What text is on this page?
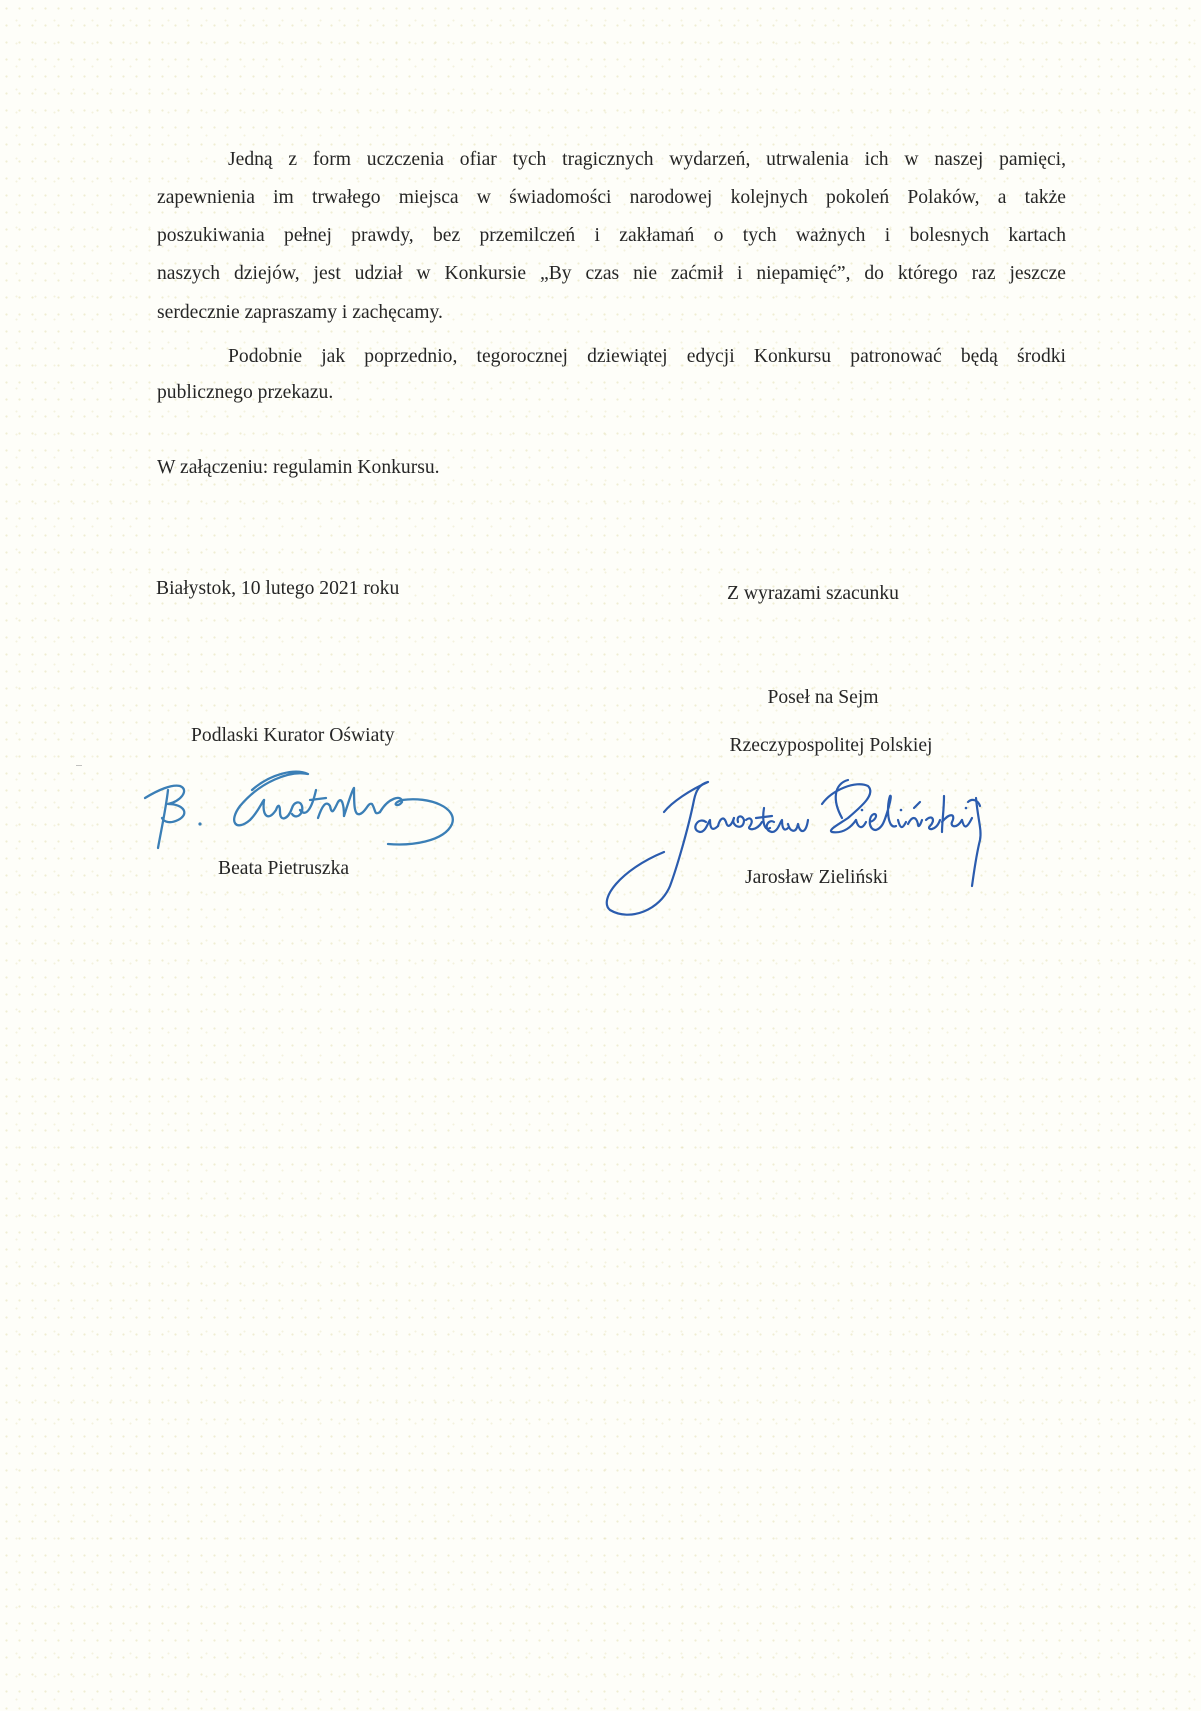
Jedną z form uczczenia ofiar tych tragicznych wydarzeń, utrwalenia ich w naszej pamięci,
zapewnienia im trwałego miejsca w świadomości narodowej kolejnych pokoleń Polaków, a także
poszukiwania pełnej prawdy, bez przemilczeń i zakłamań o tych ważnych i bolesnych kartach
naszych dziejów, jest udział w Konkursie „By czas nie zaćmił i niepamięć”, do którego raz jeszcze
serdecznie zapraszamy i zachęcamy.
Podobnie jak poprzednio, tegorocznej dziewiątej edycji Konkursu patronować będą środki
publicznego przekazu.
W załączeniu: regulamin Konkursu.
Białystok, 10 lutego 2021 roku	Z wyrazami szacunku
Poseł na Sejm
Rzeczypospolitej Polskiej
Podlaski Kurator Oświaty
Beata Pietruszka	Jarosław Zieliński
